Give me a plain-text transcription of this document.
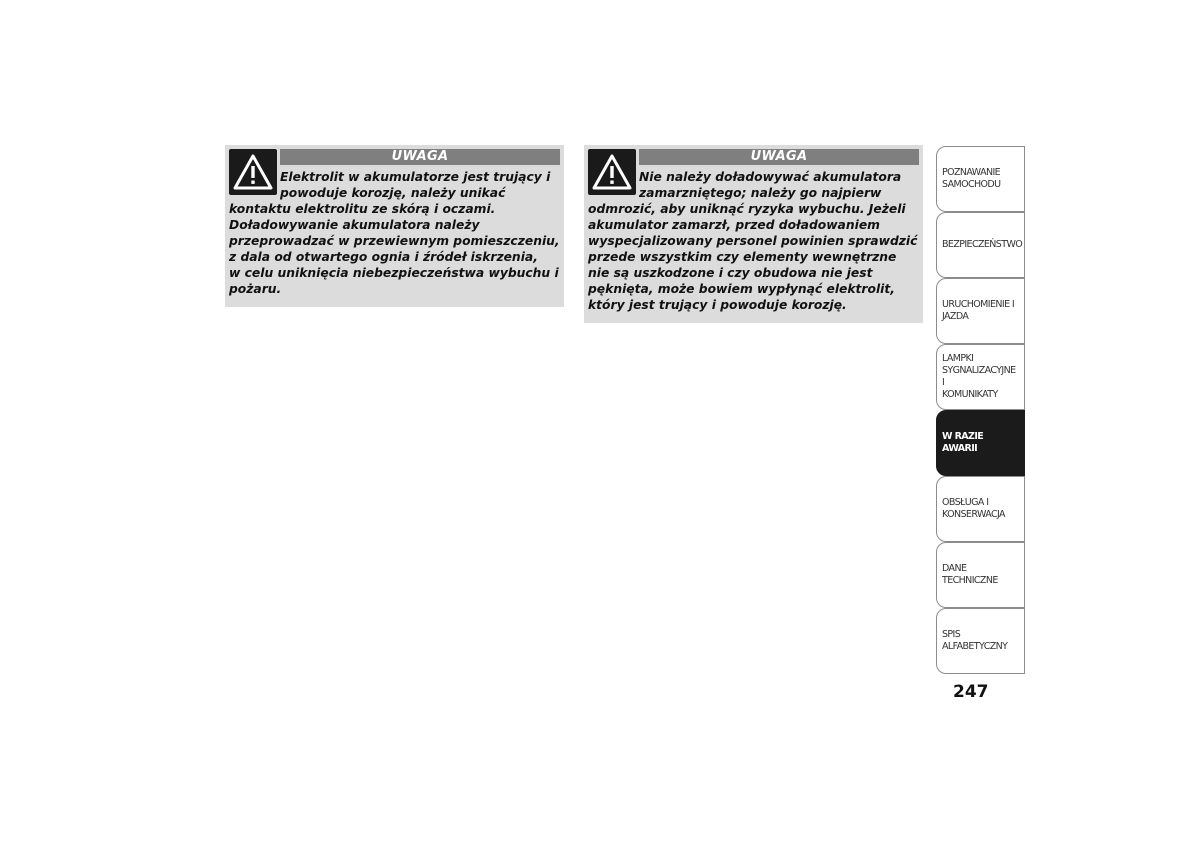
UWAGA

Elektrolit w akumulatorze jest trujący i

powoduje korozję, należy unikać

kontaktu elektrolitu ze skórą i oczami.

Doładowywanie akumulatora należy

przeprowadzać w przewiewnym pomieszczeniu,

z dala od otwartego ognia i źródeł iskrzenia,

w celu uniknięcia niebezpieczeństwa wybuchu i

pożaru.

UWAGA

Nie należy doładowywać akumulatora

zamarzniętego; należy go najpierw

odmrozić, aby uniknąć ryzyka wybuchu. Jeżeli

akumulator zamarzł, przed doładowaniem

wyspecjalizowany personel powinien sprawdzić

przede wszystkim czy elementy wewnętrzne

nie są uszkodzone i czy obudowa nie jest

pęknięta, może bowiem wypłynąć elektrolit,

który jest trujący i powoduje korozję.

POZNAWANIE
SAMOCHODU
BEZPIECZEŃSTWO
URUCHOMIENIE I
JAZDA
LAMPKI
SYGNALIZACYJNE I
KOMUNIKATY
W RAZIE AWARII
OBSŁUGA I
KONSERWACJA
DANE TECHNICZNE
SPIS ALFABETYCZNY
247
